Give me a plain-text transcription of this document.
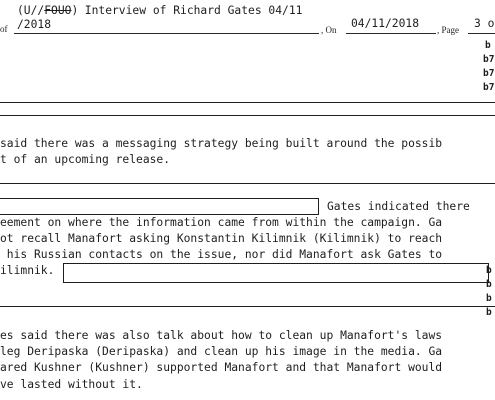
of
(U//FOUO) Interview of Richard Gates 04/11
/2018	, On 04/11/2018 , Page 3 o
b
b7
b7
b7
said there was a messaging strategy being built around the possib
t of an upcoming release.
Gates indicated there
eement on where the information came from within the campaign. Ga
ot recall Manafort asking Konstantin Kilimnik (Kilimnik) to reach
his Russian contacts on the issue, nor did Manafort ask Gates to
ilimnik.	b
b
b
b
es said there was also talk about how to clean up Manafort's laws
leg Deripaska (Deripaska) and clean up his image in the media. Ga
ared Kushner (Kushner) supported Manafort and that Manafort would
ve lasted without it.
